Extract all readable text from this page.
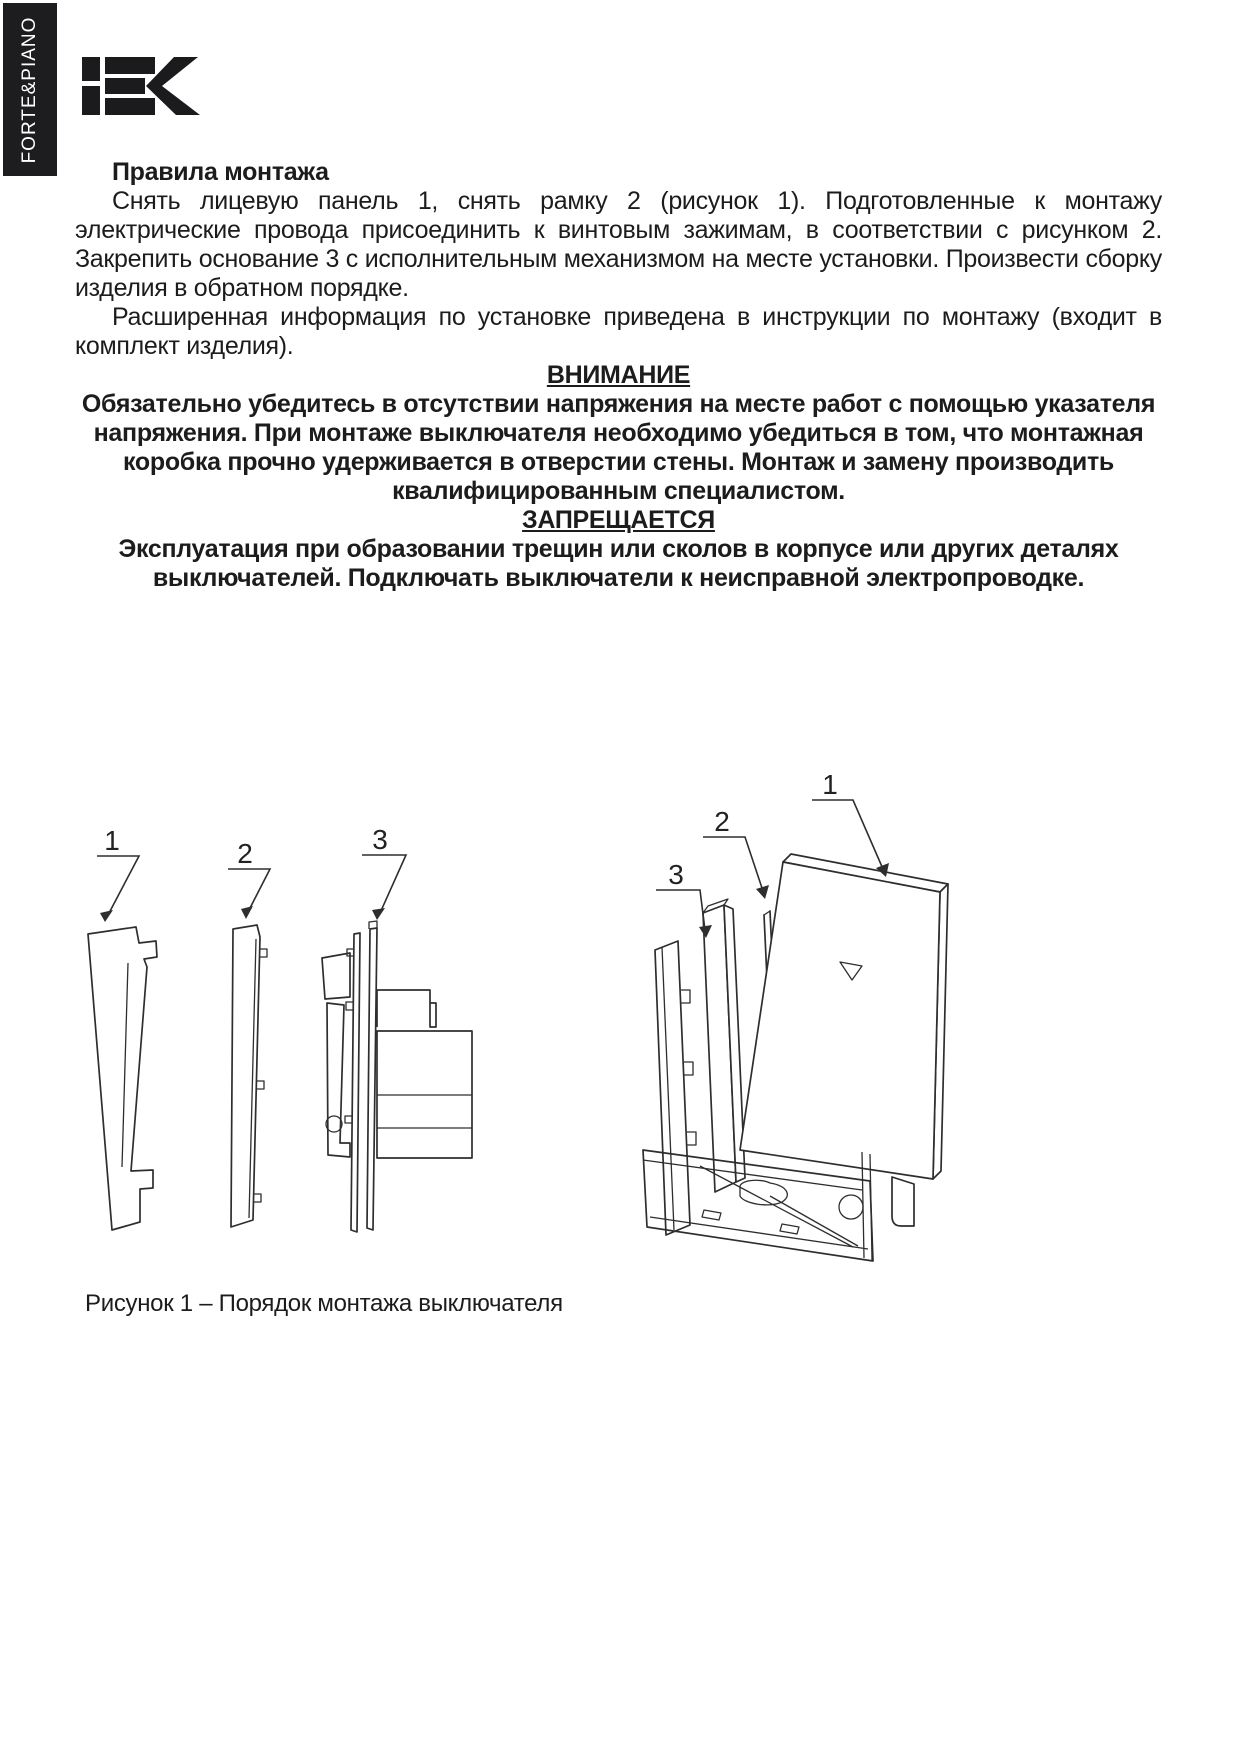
FORTE&PIANO

Правила монтажа

Снять лицевую панель 1, снять рамку 2 (рисунок 1). Подготовленные к монтажу электрические провода присоединить к винтовым зажимам, в соответствии с рисунком 2. Закрепить основание 3 с исполнительным механизмом на месте установки. Произвести сборку изделия в обратном порядке.

Расширенная информация по установке приведена в инструкции по монтажу (входит в комплект изделия).

ВНИМАНИЕ

Обязательно убедитесь в отсутствии напряжения на месте работ с помощью указателя напряжения. При монтаже выключателя необходимо убедиться в том, что монтажная коробка прочно удерживается в отверстии стены. Монтаж и замену производить квалифицированным специалистом.

ЗАПРЕЩАЕТСЯ

Эксплуатация при образовании трещин или сколов в корпусе или других деталях выключателей. Подключать выключатели к неисправной электропроводке.

1	2	3
1
2
3
Рисунок 1 – Порядок монтажа выключателя
